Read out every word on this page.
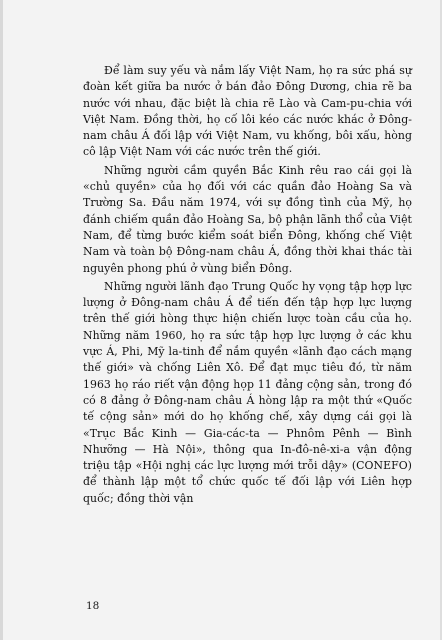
Để làm suy yếu và nắm lấy Việt Nam, họ ra sức phá sự đoàn kết giữa ba nước ở bán đảo Đông Dương, chia rẽ ba nước với nhau, đặc biệt là chia rẽ Lào và Cam-pu-chia với Việt Nam. Đồng thời, họ cố lôi kéo các nước khác ở Đông-nam châu Á đối lập với Việt Nam, vu khống, bôi xấu, hòng cô lập Việt Nam với các nước trên thế giới.

Những người cầm quyền Bắc Kinh rêu rao cái gọi là «chủ quyền» của họ đối với các quần đảo Hoàng Sa và Trường Sa. Đầu năm 1974, với sự đồng tình của Mỹ, họ đánh chiếm quần đảo Hoàng Sa, bộ phận lãnh thổ của Việt Nam, để từng bước kiểm soát biển Đông, khống chế Việt Nam và toàn bộ Đông-nam châu Á, đồng thời khai thác tài nguyên phong phú ở vùng biển Đông.

Những người lãnh đạo Trung Quốc hy vọng tập hợp lực lượng ở Đông-nam châu Á để tiến đến tập hợp lực lượng trên thế giới hòng thực hiện chiến lược toàn cầu của họ. Những năm 1960, họ ra sức tập hợp lực lượng ở các khu vực Á, Phi, Mỹ la-tinh để nắm quyền «lãnh đạo cách mạng thế giới» và chống Liên Xô. Để đạt mục tiêu đó, từ năm 1963 họ ráo riết vận động họp 11 đảng cộng sản, trong đó có 8 đảng ở Đông-nam châu Á hòng lập ra một thứ «Quốc tế cộng sản» mới do họ khống chế, xây dựng cái gọi là «Trục Bắc Kinh — Gia-các-ta — Phnôm Pênh — Bình Nhưỡng — Hà Nội», thông qua In-đô-nê-xi-a vận động triệu tập «Hội nghị các lực lượng mới trỗi dậy» (CONEFO) để thành lập một tổ chức quốc tế đối lập với Liên hợp quốc; đồng thời vận

18
